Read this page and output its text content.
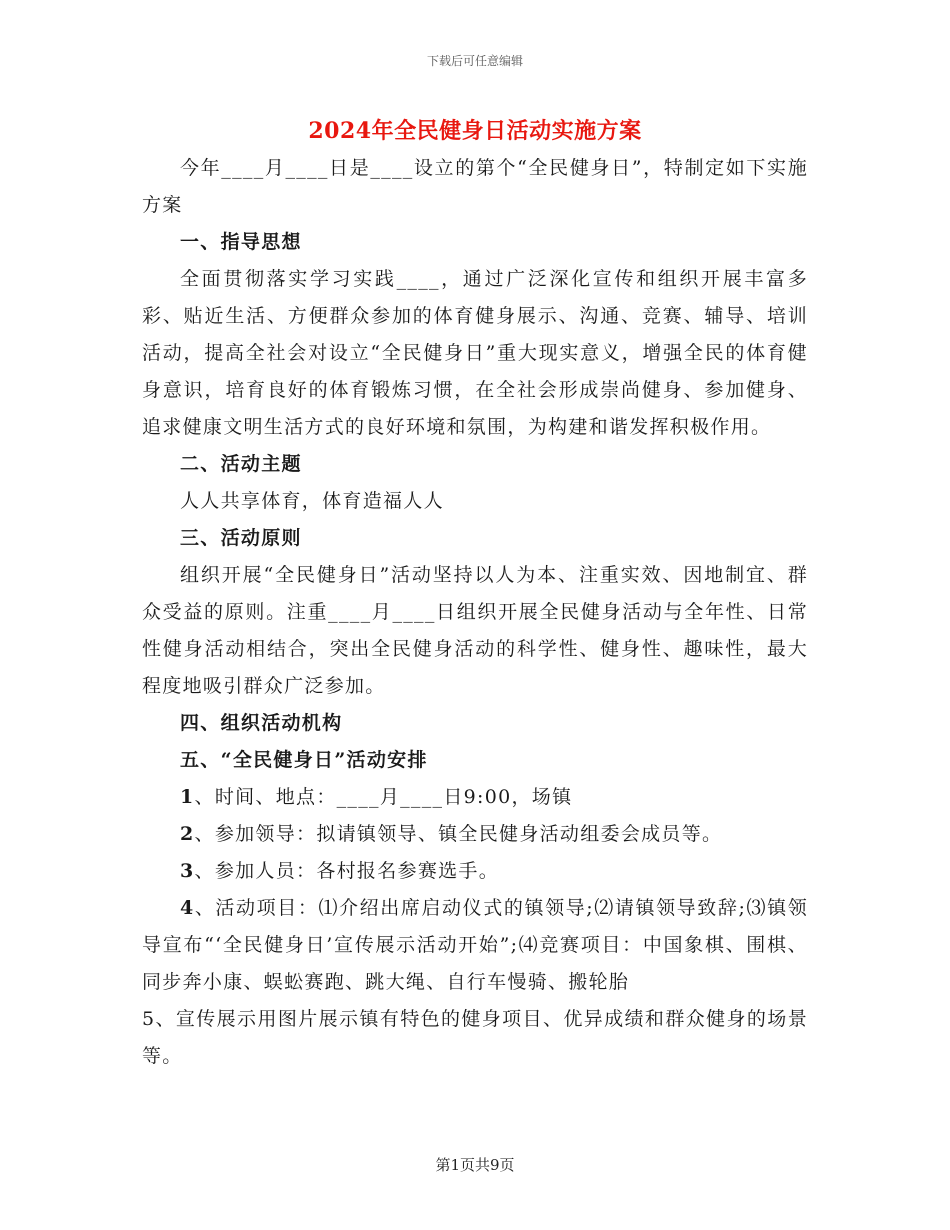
下载后可任意编辑
2024年全民健身日活动实施方案

今年____月____日是____设立的第个“全民健身日”，特制定如下实施方案

一、指导思想

全面贯彻落实学习实践____，通过广泛深化宣传和组织开展丰富多彩、贴近生活、方便群众参加的体育健身展示、沟通、竞赛、辅导、培训活动，提高全社会对设立“全民健身日”重大现实意义，增强全民的体育健身意识，培育良好的体育锻炼习惯，在全社会形成崇尚健身、参加健身、追求健康文明生活方式的良好环境和氛围，为构建和谐发挥积极作用。

二、活动主题

人人共享体育，体育造福人人

三、活动原则

组织开展“全民健身日”活动坚持以人为本、注重实效、因地制宜、群众受益的原则。注重____月____日组织开展全民健身活动与全年性、日常性健身活动相结合，突出全民健身活动的科学性、健身性、趣味性，最大程度地吸引群众广泛参加。

四、组织活动机构

五、“全民健身日”活动安排

1、时间、地点：____月____日9:00，场镇

2、参加领导：拟请镇领导、镇全民健身活动组委会成员等。

3、参加人员：各村报名参赛选手。

4、活动项目：⑴介绍出席启动仪式的镇领导;⑵请镇领导致辞;⑶镇领导宣布“‘全民健身日’宣传展示活动开始”;⑷竞赛项目：中国象棋、围棋、同步奔小康、蜈蚣赛跑、跳大绳、自行车慢骑、搬轮胎

5、宣传展示用图片展示镇有特色的健身项目、优异成绩和群众健身的场景等。

第1页共9页
